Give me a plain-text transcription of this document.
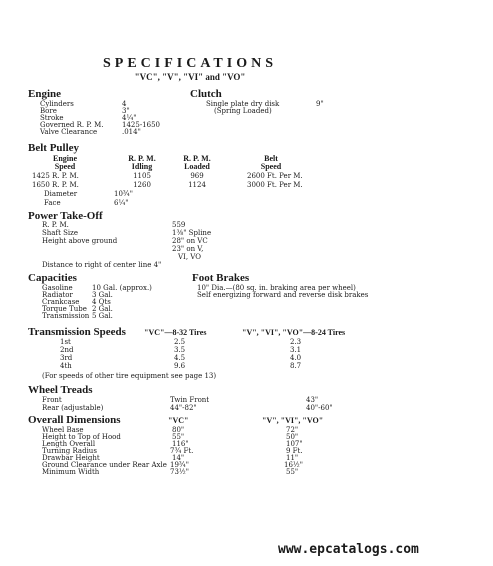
SPECIFICATIONS
"VC", "V", "VI" and "VO"
Engine
Cylinders	4
Bore	3"
Stroke	4¼"
Governed R. P. M.	1425-1650
Valve Clearance	.014"
Clutch
Single plate dry disk	9"
(Spring Loaded)
Belt Pulley
Engine
Speed
R. P. M.
Idling
R. P. M.
Loaded
Belt
Speed
1425 R. P. M.	1105	969	2600 Ft. Per M.
1650 R. P. M.	1260	1124	3000 Ft. Per M.
Diameter	10¾"
Face	6¼"
Power Take-Off
R. P. M.	559
Shaft Size	1⅜" Spline
Height above ground	28" on VC
23" on V,
VI, VO
Distance to right of center line 4"
Capacities
Gasoline	10 Gal. (approx.)
Radiator	3 Gal.
Crankcase 4 Qts
Torque Tube 2 Gal.
Transmission 5 Gal.
Foot Brakes
10" Dia.—(80 sq. in. braking area per wheel)
Self energizing forward and reverse disk brakes
Transmission Speeds "VC"—8-32 Tires	"V", "VI", "VO"—8-24 Tires
1st	2.5	2.3
2nd	3.5	3.1
3rd	4.5	4.0
4th	9.6	8.7
(For speeds of other tire equipment see page 13)
Wheel Treads
Front	Twin Front	43"
Rear (adjustable)	44"-82"	40"-60"
Overall Dimensions	"VC"	"V", "VI", "VO"
Wheel Base	80"	72"
Height to Top of Hood	55"	50"
Length Overall	116"	107"
Turning Radius	7¾ Ft.	9 Ft.
Drawbar Height	14"	11"
Ground Clearance under Rear Axle 19¾"	16½"
Minimum Width	73½"	55"
www.epcatalogs.com
